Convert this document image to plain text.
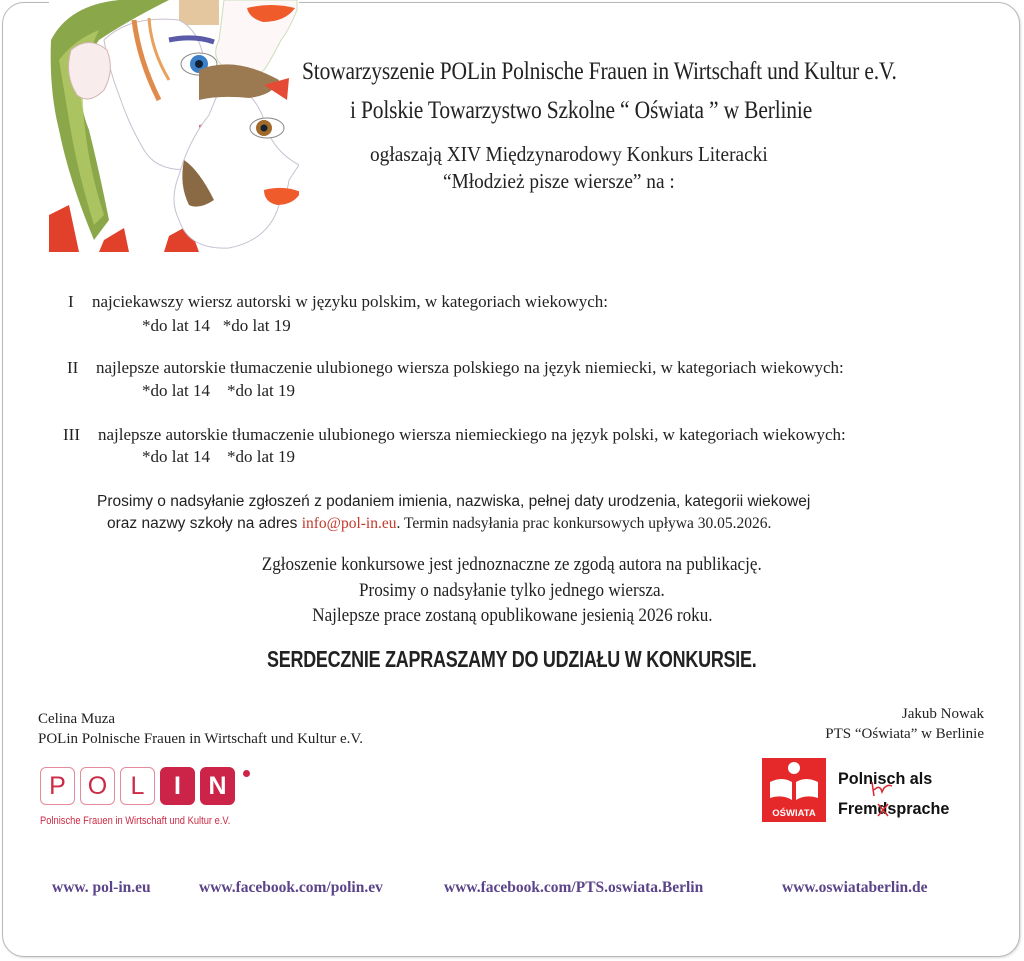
Stowarzyszenie POLin Polnische Frauen in Wirtschaft und Kultur e.V.
i Polskie Towarzystwo Szkolne “ Oświata ” w Berlinie
ogłaszają XIV Międzynarodowy Konkurs Literacki
“Młodzież pisze wiersze” na :
I najciekawszy wiersz autorski w języku polskim, w kategoriach wiekowych:
*do lat 14 *do lat 19
II najlepsze autorskie tłumaczenie ulubionego wiersza polskiego na język niemiecki, w kategoriach wiekowych:
*do lat 14 *do lat 19
III najlepsze autorskie tłumaczenie ulubionego wiersza niemieckiego na język polski, w kategoriach wiekowych:
*do lat 14 *do lat 19
Prosimy o nadsyłanie zgłoszeń z podaniem imienia, nazwiska, pełnej daty urodzenia, kategorii wiekowej
oraz nazwy szkoły na adres info@pol-in.eu. Termin nadsyłania prac konkursowych upływa 30.05.2026.
Zgłoszenie konkursowe jest jednoznaczne ze zgodą autora na publikację.
Prosimy o nadsyłanie tylko jednego wiersza.
Najlepsze prace zostaną opublikowane jesienią 2026 roku.
SERDECZNIE ZAPRASZAMY DO UDZIAŁU W KONKURSIE.
Celina Muza
POLin Polnische Frauen in Wirtschaft und Kultur e.V.
Jakub Nowak
PTS “Oświata” w Berlinie
P O L	I	N
Polnische Frauen in Wirtschaft und Kultur e.V.
OŚWIATA
Polnisch als
Fremdsprache
www. pol-in.eu	www.facebook.com/polin.ev	www.facebook.com/PTS.oswiata.Berlin	www.oswiataberlin.de
